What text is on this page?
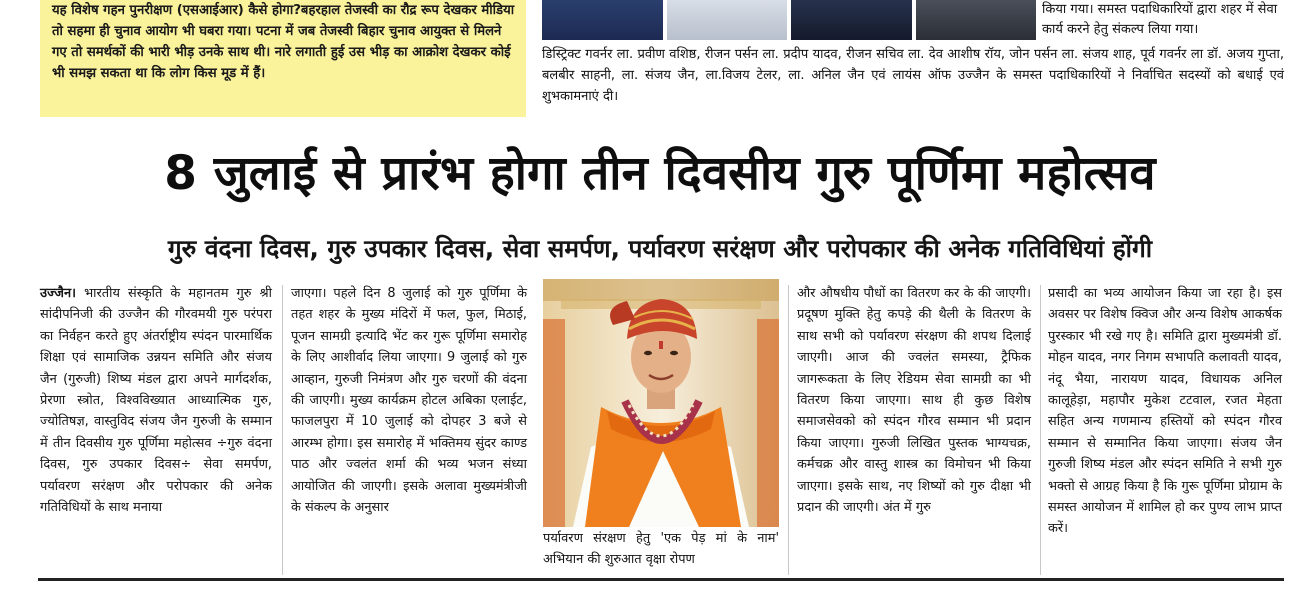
यह विशेष गहन पुनरीक्षण (एसआईआर) कैसे होगा?बहरहाल तेजस्वी का रौद्र रूप देखकर मीडिया तो सहमा ही चुनाव आयोग भी घबरा गया। पटना में जब तेजस्वी बिहार चुनाव आयुक्त से मिलने गए तो समर्थकों की भारी भीड़ उनके साथ थी। नारे लगाती हुई उस भीड़ का आक्रोश देखकर कोई भी समझ सकता था कि लोग किस मूड में हैं।
किया गया। समस्त पदाधिकारियों द्वारा शहर में सेवा कार्य करने हेतु संकल्प लिया गया।
डिस्ट्रिक्ट गवर्नर ला. प्रवीण वशिष्ठ, रीजन पर्सन ला. प्रदीप यादव, रीजन सचिव ला. देव आशीष रॉय, जोन पर्सन ला. संजय शाह, पूर्व गवर्नर ला डॉ. अजय गुप्ता, बलबीर साहनी, ला. संजय जैन, ला.विजय टेलर, ला. अनिल जैन एवं लायंस ऑफ उज्जैन के समस्त पदाधिकारियों ने निर्वाचित सदस्यों को बधाई एवं शुभकामनाएं दी।
8 जुलाई से प्रारंभ होगा तीन दिवसीय गुरु पूर्णिमा महोत्सव
गुरु वंदना दिवस, गुरु उपकार दिवस, सेवा समर्पण, पर्यावरण सरंक्षण और परोपकार की अनेक गतिविधियां होंगी
उज्जैन। भारतीय संस्कृति के महानतम गुरु श्री सांदीपनिजी की उज्जैन की गौरवमयी गुरु परंपरा का निर्वहन करते हुए अंतर्राष्ट्रीय स्पंदन पारमार्थिक शिक्षा एवं सामाजिक उन्नयन समिति और संजय जैन (गुरुजी) शिष्य मंडल द्वारा अपने मार्गदर्शक, प्रेरणा स्त्रोत, विश्वविख्यात आध्यात्मिक गुरु, ज्योतिषज्ञ, वास्तुविद संजय जैन गुरुजी के सम्मान में तीन दिवसीय गुरु पूर्णिमा महोत्सव ÷गुरु वंदना दिवस, गुरु उपकार दिवस÷ सेवा समर्पण, पर्यावरण सरंक्षण और परोपकार की अनेक गतिविधियों के साथ मनाया
जाएगा। पहले दिन 8 जुलाई को गुरु पूर्णिमा के तहत शहर के मुख्य मंदिरों में फल, फुल, मिठाई, पूजन सामग्री इत्यादि भेंट कर गुरू पूर्णिमा समारोह के लिए आशीर्वाद लिया जाएगा। 9 जुलाई को गुरु आव्हान, गुरुजी निमंत्रण और गुरु चरणों की वंदना की जाएगी। मुख्य कार्यक्रम होटल अबिका एलाईट, फाजलपुरा में 10 जुलाई को दोपहर 3 बजे से आरम्भ होगा। इस समारोह में भक्तिमय सुंदर काण्ड पाठ और ज्वलंत शर्मा की भव्य भजन संध्या आयोजित की जाएगी। इसके अलावा मुख्यमंत्रीजी के संकल्प के अनुसार
पर्यावरण संरक्षण हेतु 'एक पेड़ मां के नाम' अभियान की शुरुआत वृक्षा रोपण
और औषधीय पौधों का वितरण कर के की जाएगी। प्रदूषण मुक्ति हेतु कपड़े की थैली के वितरण के साथ सभी को पर्यावरण संरक्षण की शपथ दिलाई जाएगी। आज की ज्वलंत समस्या, ट्रैफिक जागरूकता के लिए रेडियम सेवा सामग्री का भी वितरण किया जाएगा। साथ ही कुछ विशेष समाजसेवको को स्पंदन गौरव सम्मान भी प्रदान किया जाएगा। गुरुजी लिखित पुस्तक भाग्यचक्र, कर्मचक्र और वास्तु शास्त्र का विमोचन भी किया जाएगा। इसके साथ, नए शिष्यों को गुरु दीक्षा भी प्रदान की जाएगी। अंत में गुरु
प्रसादी का भव्य आयोजन किया जा रहा है। इस अवसर पर विशेष क्विज और अन्य विशेष आकर्षक पुरस्कार भी रखे गए है। समिति द्वारा मुख्यमंत्री डॉ. मोहन यादव, नगर निगम सभापति कलावती यादव, नंदू भैया, नारायण यादव, विधायक अनिल कालूहेड़ा, महापौर मुकेश टटवाल, रजत मेहता सहित अन्य गणमान्य हस्तियों को स्पंदन गौरव सम्मान से सम्मानित किया जाएगा। संजय जैन गुरुजी शिष्य मंडल और स्पंदन समिति ने सभी गुरु भक्तो से आग्रह किया है कि गुरू पूर्णिमा प्रोग्राम के समस्त आयोजन में शामिल हो कर पुण्य लाभ प्राप्त करें।
